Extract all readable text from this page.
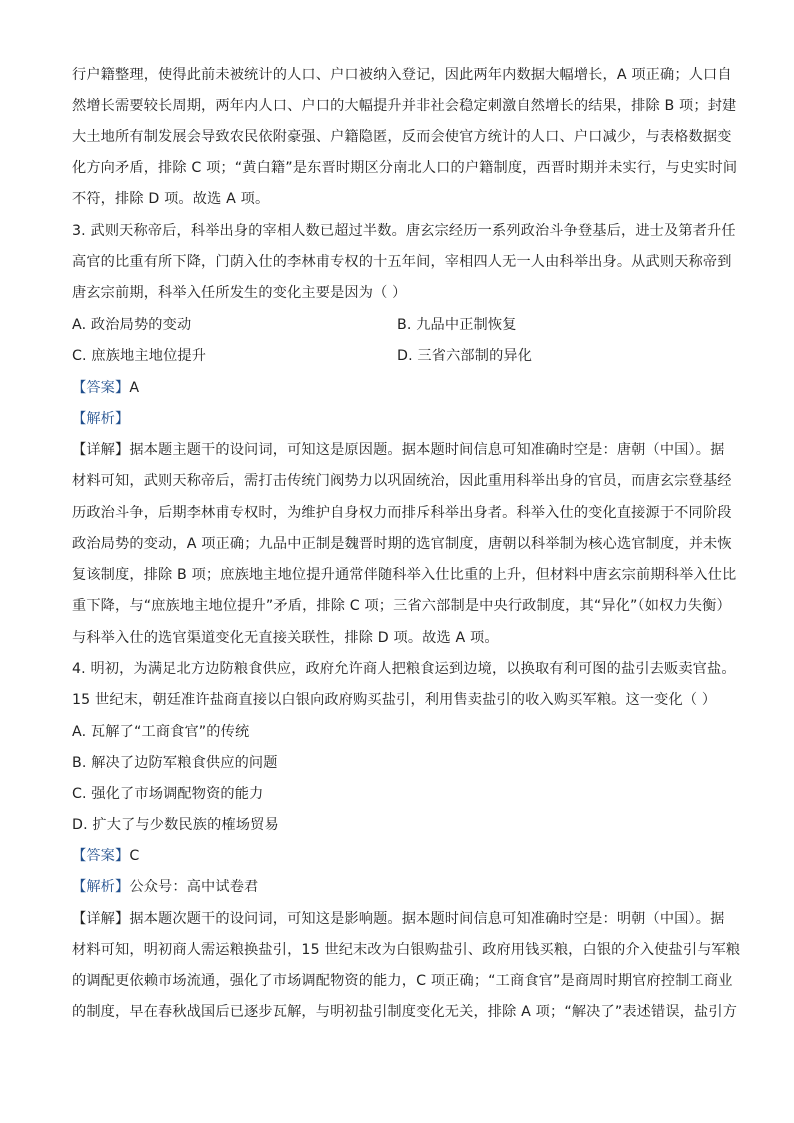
行户籍整理，使得此前未被统计的人口、户口被纳入登记，因此两年内数据大幅增长，A 项正确；人口自
然增长需要较长周期，两年内人口、户口的大幅提升并非社会稳定刺激自然增长的结果，排除 B 项；封建
大土地所有制发展会导致农民依附豪强、户籍隐匿，反而会使官方统计的人口、户口减少，与表格数据变
化方向矛盾，排除 C 项；“黄白籍”是东晋时期区分南北人口的户籍制度，西晋时期并未实行，与史实时间
不符，排除 D 项。故选 A 项。
3. 武则天称帝后，科举出身的宰相人数已超过半数。唐玄宗经历一系列政治斗争登基后，进士及第者升任
高官的比重有所下降，门荫入仕的李林甫专权的十五年间，宰相四人无一人由科举出身。从武则天称帝到
唐玄宗前期，科举入任所发生的变化主要是因为（ ）
A. 政治局势的变动	B. 九品中正制恢复
C. 庶族地主地位提升	D. 三省六部制的异化
【答案】A
【解析】
【详解】据本题主题干的设问词，可知这是原因题。据本题时间信息可知准确时空是：唐朝（中国）。据
材料可知，武则天称帝后，需打击传统门阀势力以巩固统治，因此重用科举出身的官员，而唐玄宗登基经
历政治斗争，后期李林甫专权时，为维护自身权力而排斥科举出身者。科举入仕的变化直接源于不同阶段
政治局势的变动，A 项正确；九品中正制是魏晋时期的选官制度，唐朝以科举制为核心选官制度，并未恢
复该制度，排除 B 项；庶族地主地位提升通常伴随科举入仕比重的上升，但材料中唐玄宗前期科举入仕比
重下降，与“庶族地主地位提升”矛盾，排除 C 项；三省六部制是中央行政制度，其“异化”（如权力失衡）
与科举入仕的选官渠道变化无直接关联性，排除 D 项。故选 A 项。
4. 明初，为满足北方边防粮食供应，政府允许商人把粮食运到边境，以换取有利可图的盐引去贩卖官盐。
15 世纪末，朝廷准许盐商直接以白银向政府购买盐引，利用售卖盐引的收入购买军粮。这一变化（ ）
A. 瓦解了“工商食官”的传统
B. 解决了边防军粮食供应的问题
C. 强化了市场调配物资的能力
D. 扩大了与少数民族的榷场贸易
【答案】C
【解析】公众号：高中试卷君
【详解】据本题次题干的设问词，可知这是影响题。据本题时间信息可知准确时空是：明朝（中国）。据
材料可知，明初商人需运粮换盐引，15 世纪末改为白银购盐引、政府用钱买粮，白银的介入使盐引与军粮
的调配更依赖市场流通，强化了市场调配物资的能力，C 项正确；“工商食官”是商周时期官府控制工商业
的制度，早在春秋战国后已逐步瓦解，与明初盐引制度变化无关，排除 A 项；“解决了”表述错误，盐引方
